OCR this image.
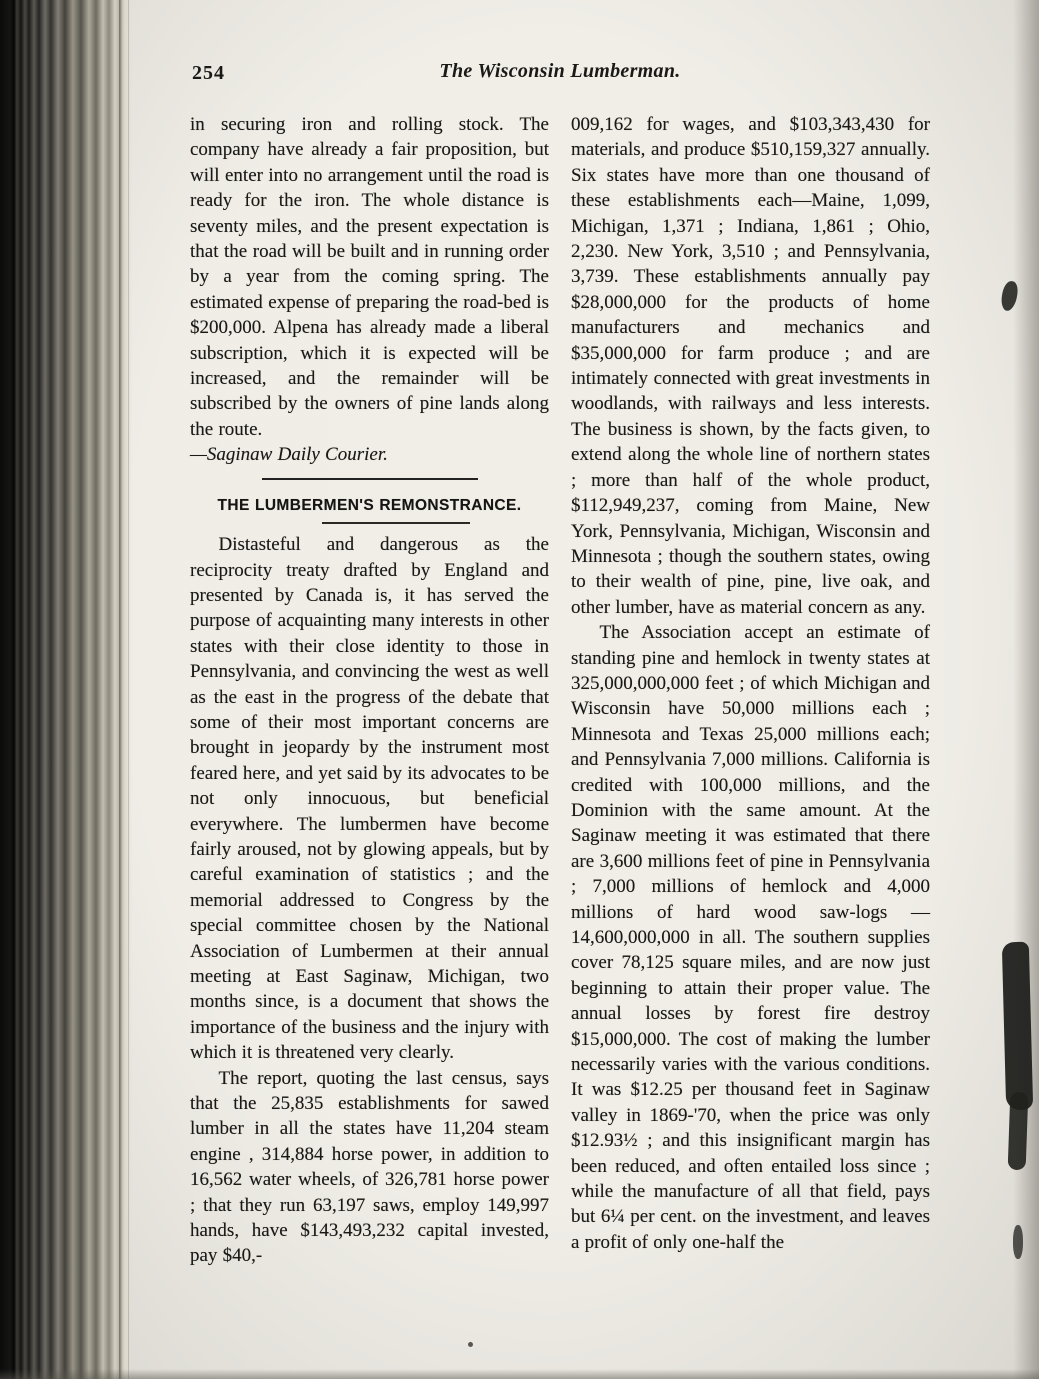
254	The Wisconsin Lumberman.

in securing iron and rolling stock. The company have already a fair proposition, but will enter into no arrangement until the road is ready for the iron. The whole distance is seventy miles, and the present expectation is that the road will be built and in running order by a year from the coming spring. The estimated expense of preparing the road-bed is $200,000. Alpena has already made a liberal subscription, which it is expected will be increased, and the remainder will be subscribed by the owners of pine lands along the route.

—Saginaw Daily Courier.

THE LUMBERMEN'S REMONSTRANCE.

Distasteful and dangerous as the reciprocity treaty drafted by England and presented by Canada is, it has served the purpose of acquainting many interests in other states with their close identity to those in Pennsylvania, and convincing the west as well as the east in the progress of the debate that some of their most important concerns are brought in jeopardy by the instrument most feared here, and yet said by its advocates to be not only innocuous, but beneficial everywhere. The lumbermen have become fairly aroused, not by glowing appeals, but by careful examination of statistics ; and the memorial addressed to Congress by the special committee chosen by the National Association of Lumbermen at their annual meeting at East Saginaw, Michigan, two months since, is a document that shows the importance of the business and the injury with which it is threatened very clearly.

The report, quoting the last census, says that the 25,835 establishments for sawed lumber in all the states have 11,204 steam engine , 314,884 horse power, in addition to 16,562 water wheels, of 326,781 horse power ; that they run 63,197 saws, employ 149,997 hands, have $143,493,232 capital invested, pay $40,-

009,162 for wages, and $103,343,430 for materials, and produce $510,159,327 annually. Six states have more than one thousand of these establishments each—Maine, 1,099, Michigan, 1,371 ; Indiana, 1,861 ; Ohio, 2,230. New York, 3,510 ; and Pennsylvania, 3,739. These establishments annually pay $28,000,000 for the products of home manufacturers and mechanics and $35,000,000 for farm produce ; and are intimately connected with great investments in woodlands, with railways and less interests. The business is shown, by the facts given, to extend along the whole line of northern states ; more than half of the whole product, $112,949,237, coming from Maine, New York, Pennsylvania, Michigan, Wisconsin and Minnesota ; though the southern states, owing to their wealth of pine, pine, live oak, and other lumber, have as material concern as any.

The Association accept an estimate of standing pine and hemlock in twenty states at 325,000,000,000 feet ; of which Michigan and Wisconsin have 50,000 millions each ; Minnesota and Texas 25,000 millions each; and Pennsylvania 7,000 millions. California is credited with 100,000 millions, and the Dominion with the same amount. At the Saginaw meeting it was estimated that there are 3,600 millions feet of pine in Pennsylvania ; 7,000 millions of hemlock and 4,000 millions of hard wood saw-logs — 14,600,000,000 in all. The southern supplies cover 78,125 square miles, and are now just beginning to attain their proper value. The annual losses by forest fire destroy $15,000,000. The cost of making the lumber necessarily varies with the various conditions. It was $12.25 per thousand feet in Saginaw valley in 1869-'70, when the price was only $12.93½ ; and this insignificant margin has been reduced, and often entailed loss since ; while the manufacture of all that field, pays but 6¼ per cent. on the investment, and leaves a profit of only one-half the
